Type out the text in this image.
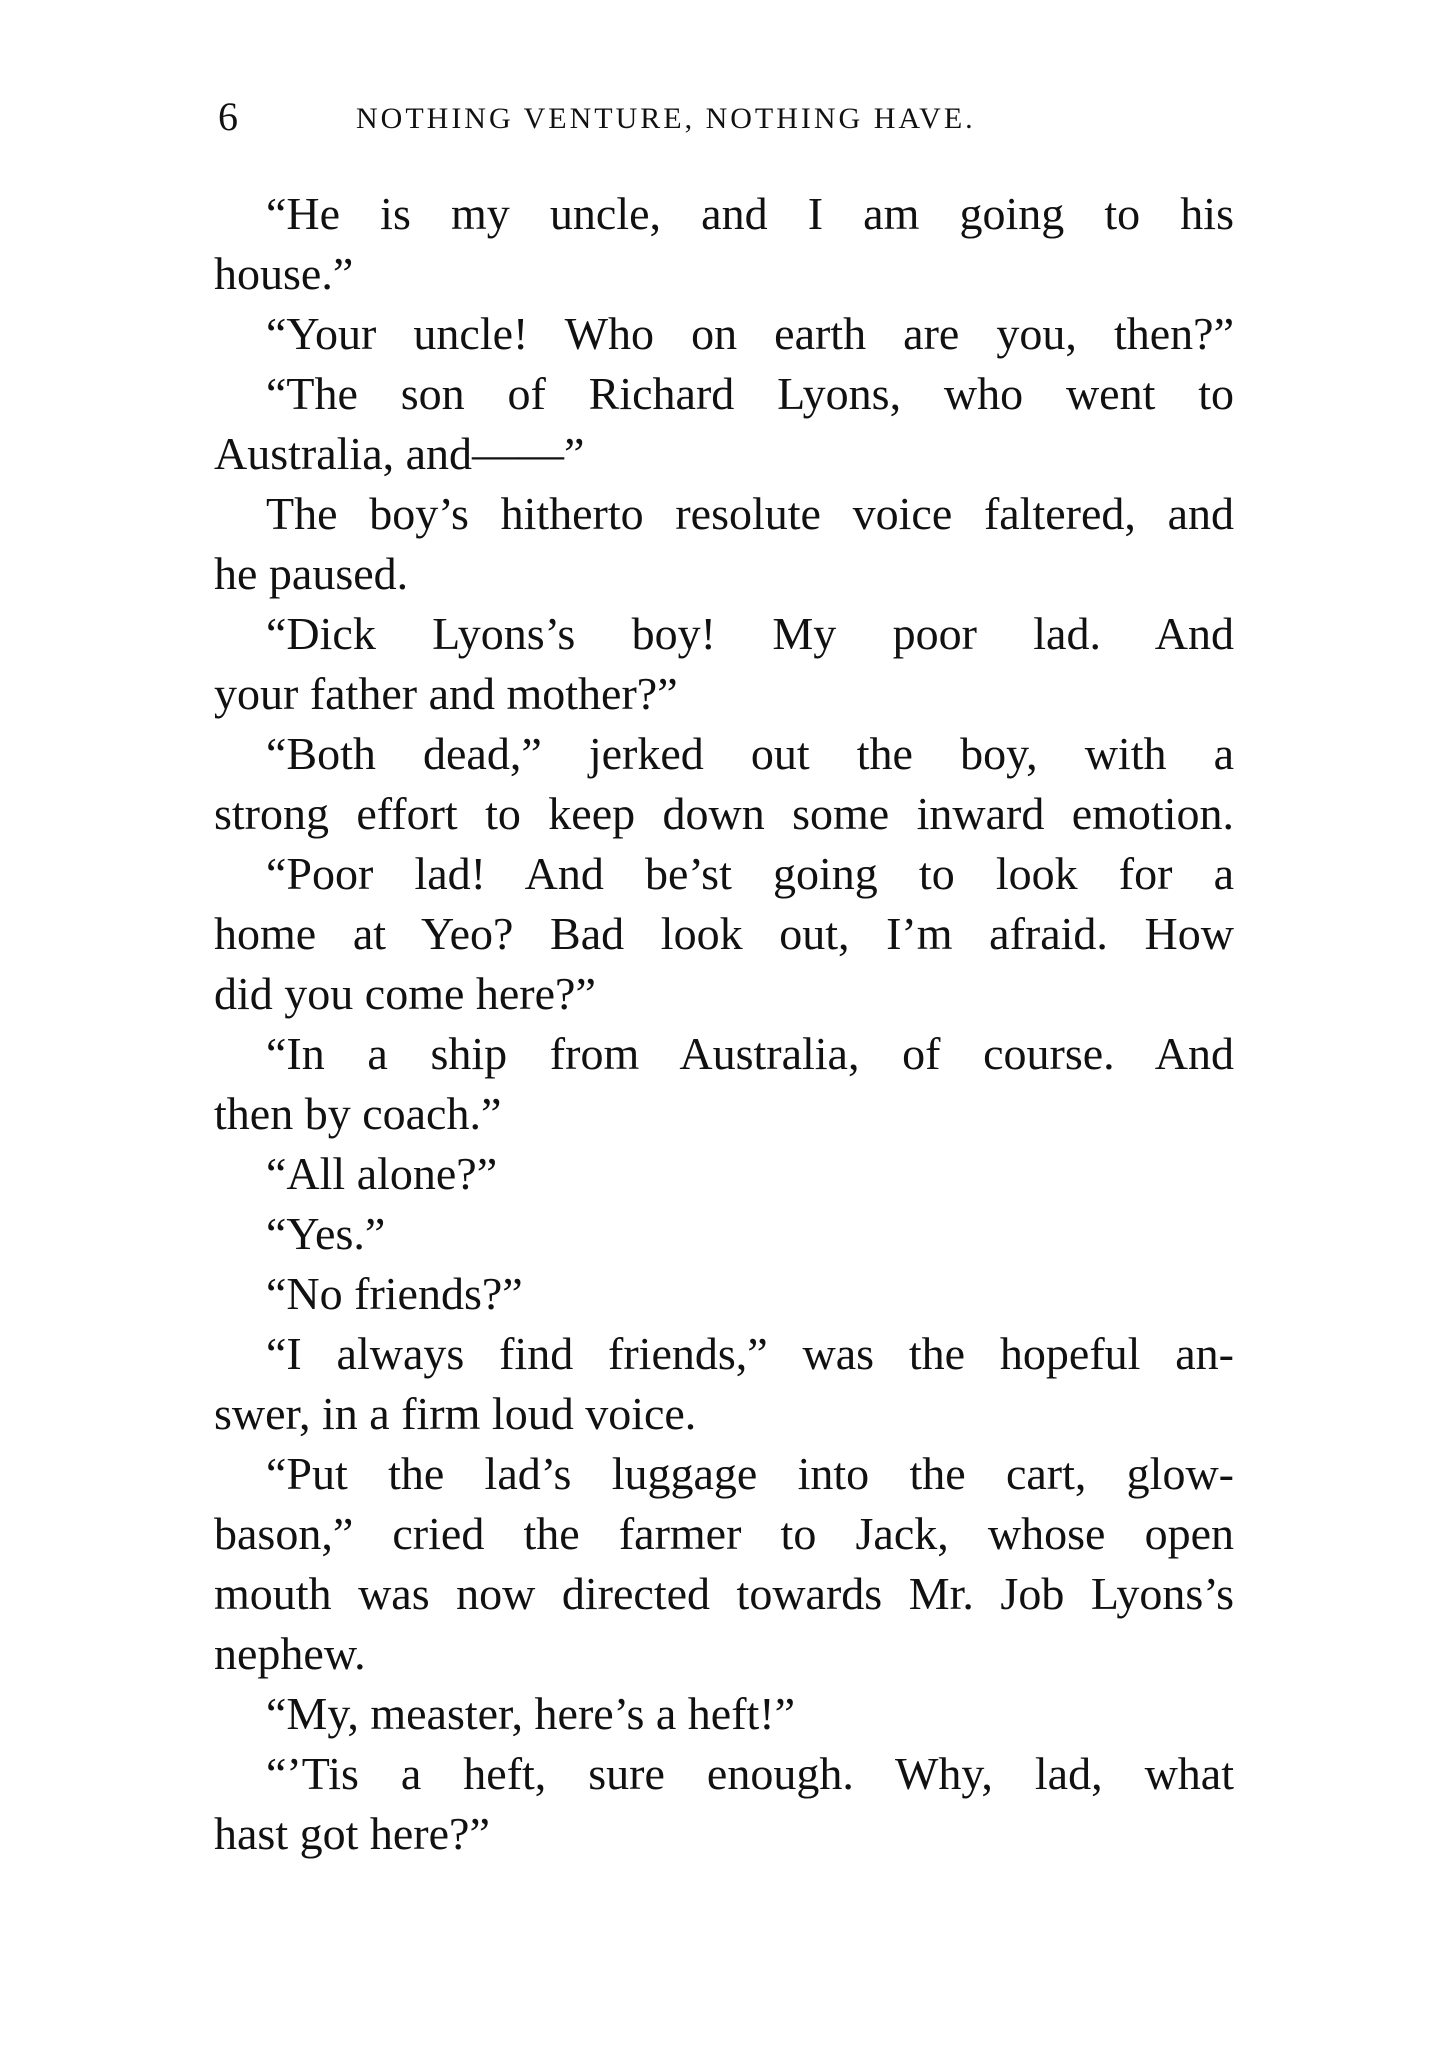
6	NOTHING VENTURE, NOTHING HAVE.
“He is my uncle, and I am going to his
house.”
“Your uncle! Who on earth are you, then?”
“The son of Richard Lyons, who went to
Australia, and——”
The boy’s hitherto resolute voice faltered, and
he paused.
“Dick Lyons’s boy! My poor lad. And
your father and mother?”
“Both dead,” jerked out the boy, with a
strong effort to keep down some inward emotion.
“Poor lad! And be’st going to look for a
home at Yeo? Bad look out, I’m afraid. How
did you come here?”
“In a ship from Australia, of course. And
then by coach.”
“All alone?”
“Yes.”
“No friends?”
“I always find friends,” was the hopeful an-
swer, in a firm loud voice.
“Put the lad’s luggage into the cart, glow-
bason,” cried the farmer to Jack, whose open
mouth was now directed towards Mr. Job Lyons’s
nephew.
“My, measter, here’s a heft!”
“’Tis a heft, sure enough. Why, lad, what
hast got here?”
